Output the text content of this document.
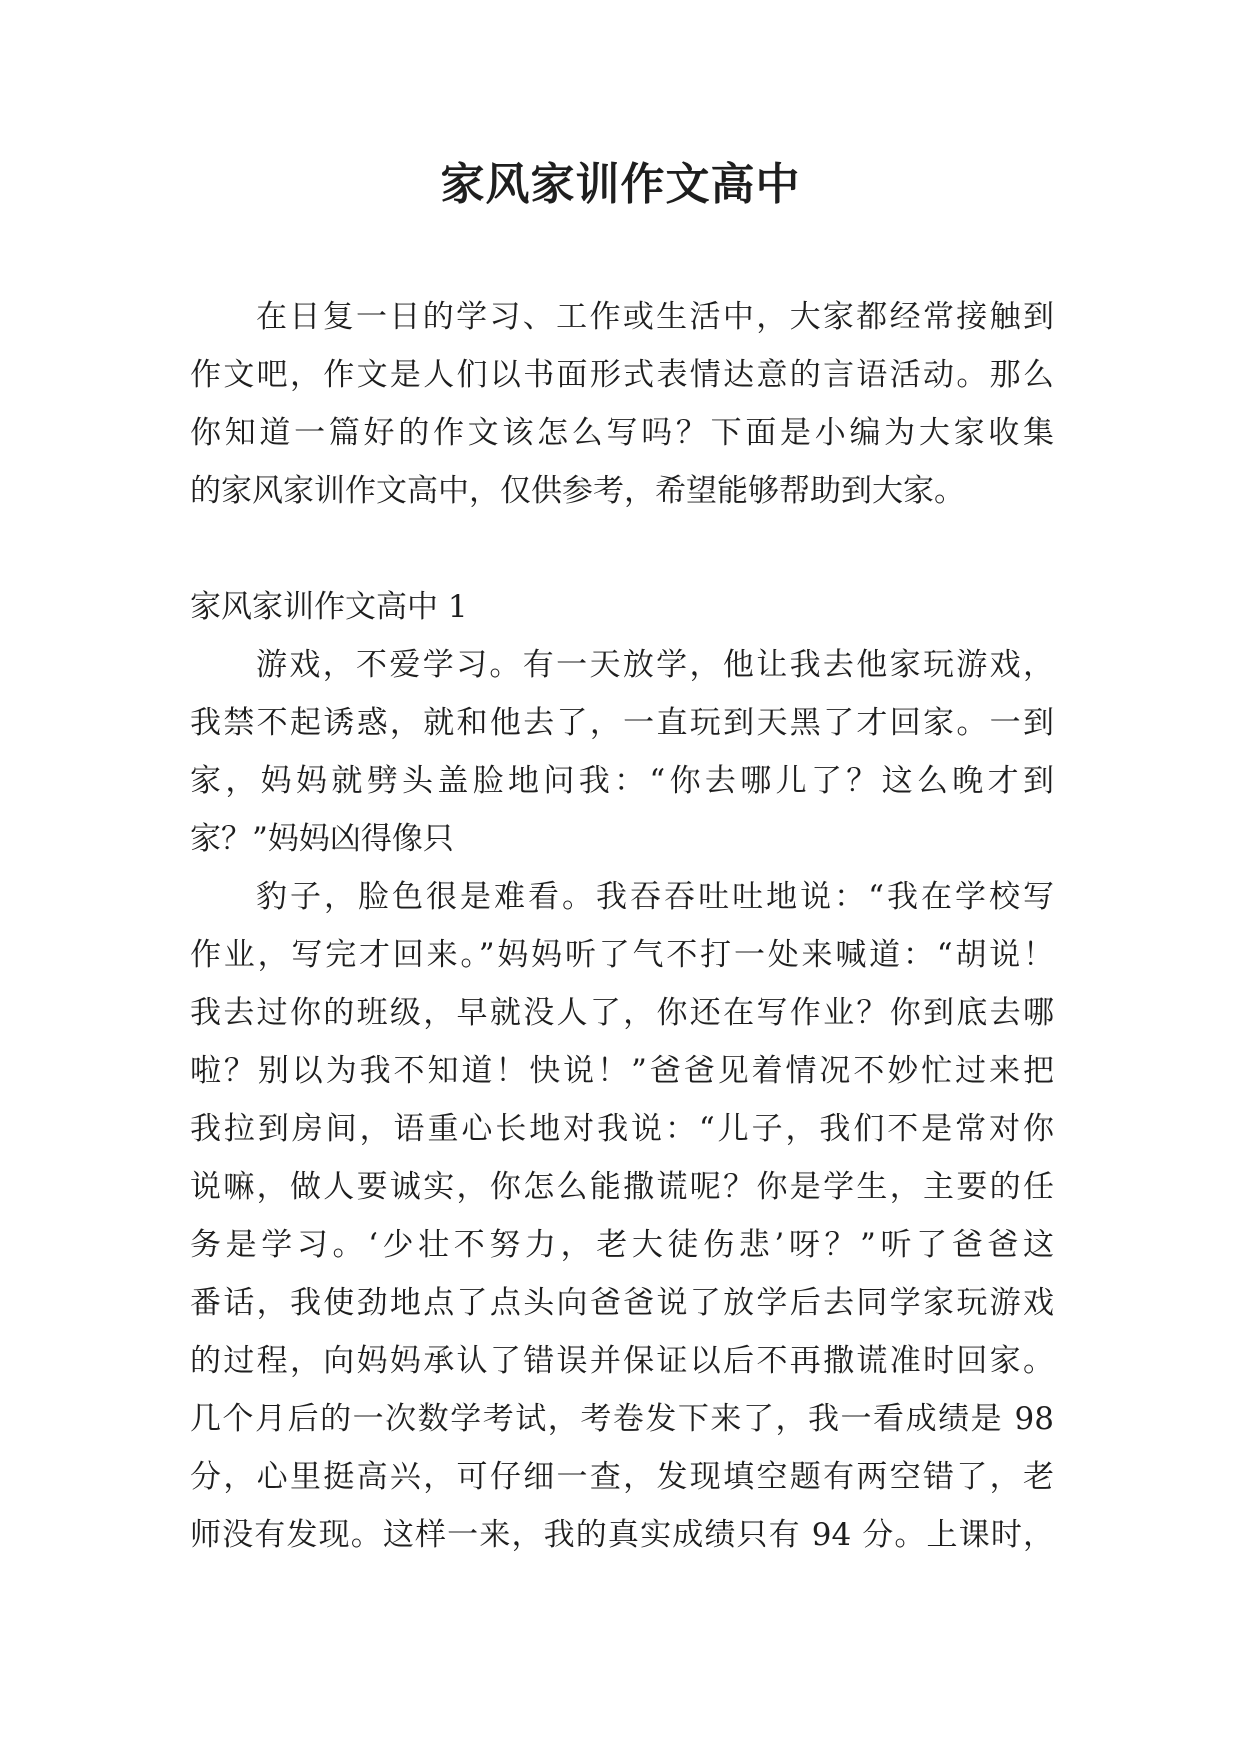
家风家训作文高中
在日复一日的学习、工作或生活中，大家都经常接触到
作文吧，作文是人们以书面形式表情达意的言语活动。那么
你知道一篇好的作文该怎么写吗？下面是小编为大家收集
的家风家训作文高中，仅供参考，希望能够帮助到大家。
家风家训作文高中 1
游戏，不爱学习。有一天放学，他让我去他家玩游戏，
我禁不起诱惑，就和他去了，一直玩到天黑了才回家。一到
家，妈妈就劈头盖脸地问我：“你去哪儿了？这么晚才到
家？”妈妈凶得像只
豹子，脸色很是难看。我吞吞吐吐地说：“我在学校写
作业，写完才回来。”妈妈听了气不打一处来喊道：“胡说！
我去过你的班级，早就没人了，你还在写作业？你到底去哪
啦？别以为我不知道！快说！”爸爸见着情况不妙忙过来把
我拉到房间，语重心长地对我说：“儿子，我们不是常对你
说嘛，做人要诚实，你怎么能撒谎呢？你是学生，主要的任
务是学习。‘少壮不努力，老大徒伤悲’呀？”听了爸爸这
番话，我使劲地点了点头向爸爸说了放学后去同学家玩游戏
的过程，向妈妈承认了错误并保证以后不再撒谎准时回家。
几个月后的一次数学考试，考卷发下来了，我一看成绩是 98
分，心里挺高兴，可仔细一查，发现填空题有两空错了，老
师没有发现。这样一来，我的真实成绩只有 94 分。上课时，
